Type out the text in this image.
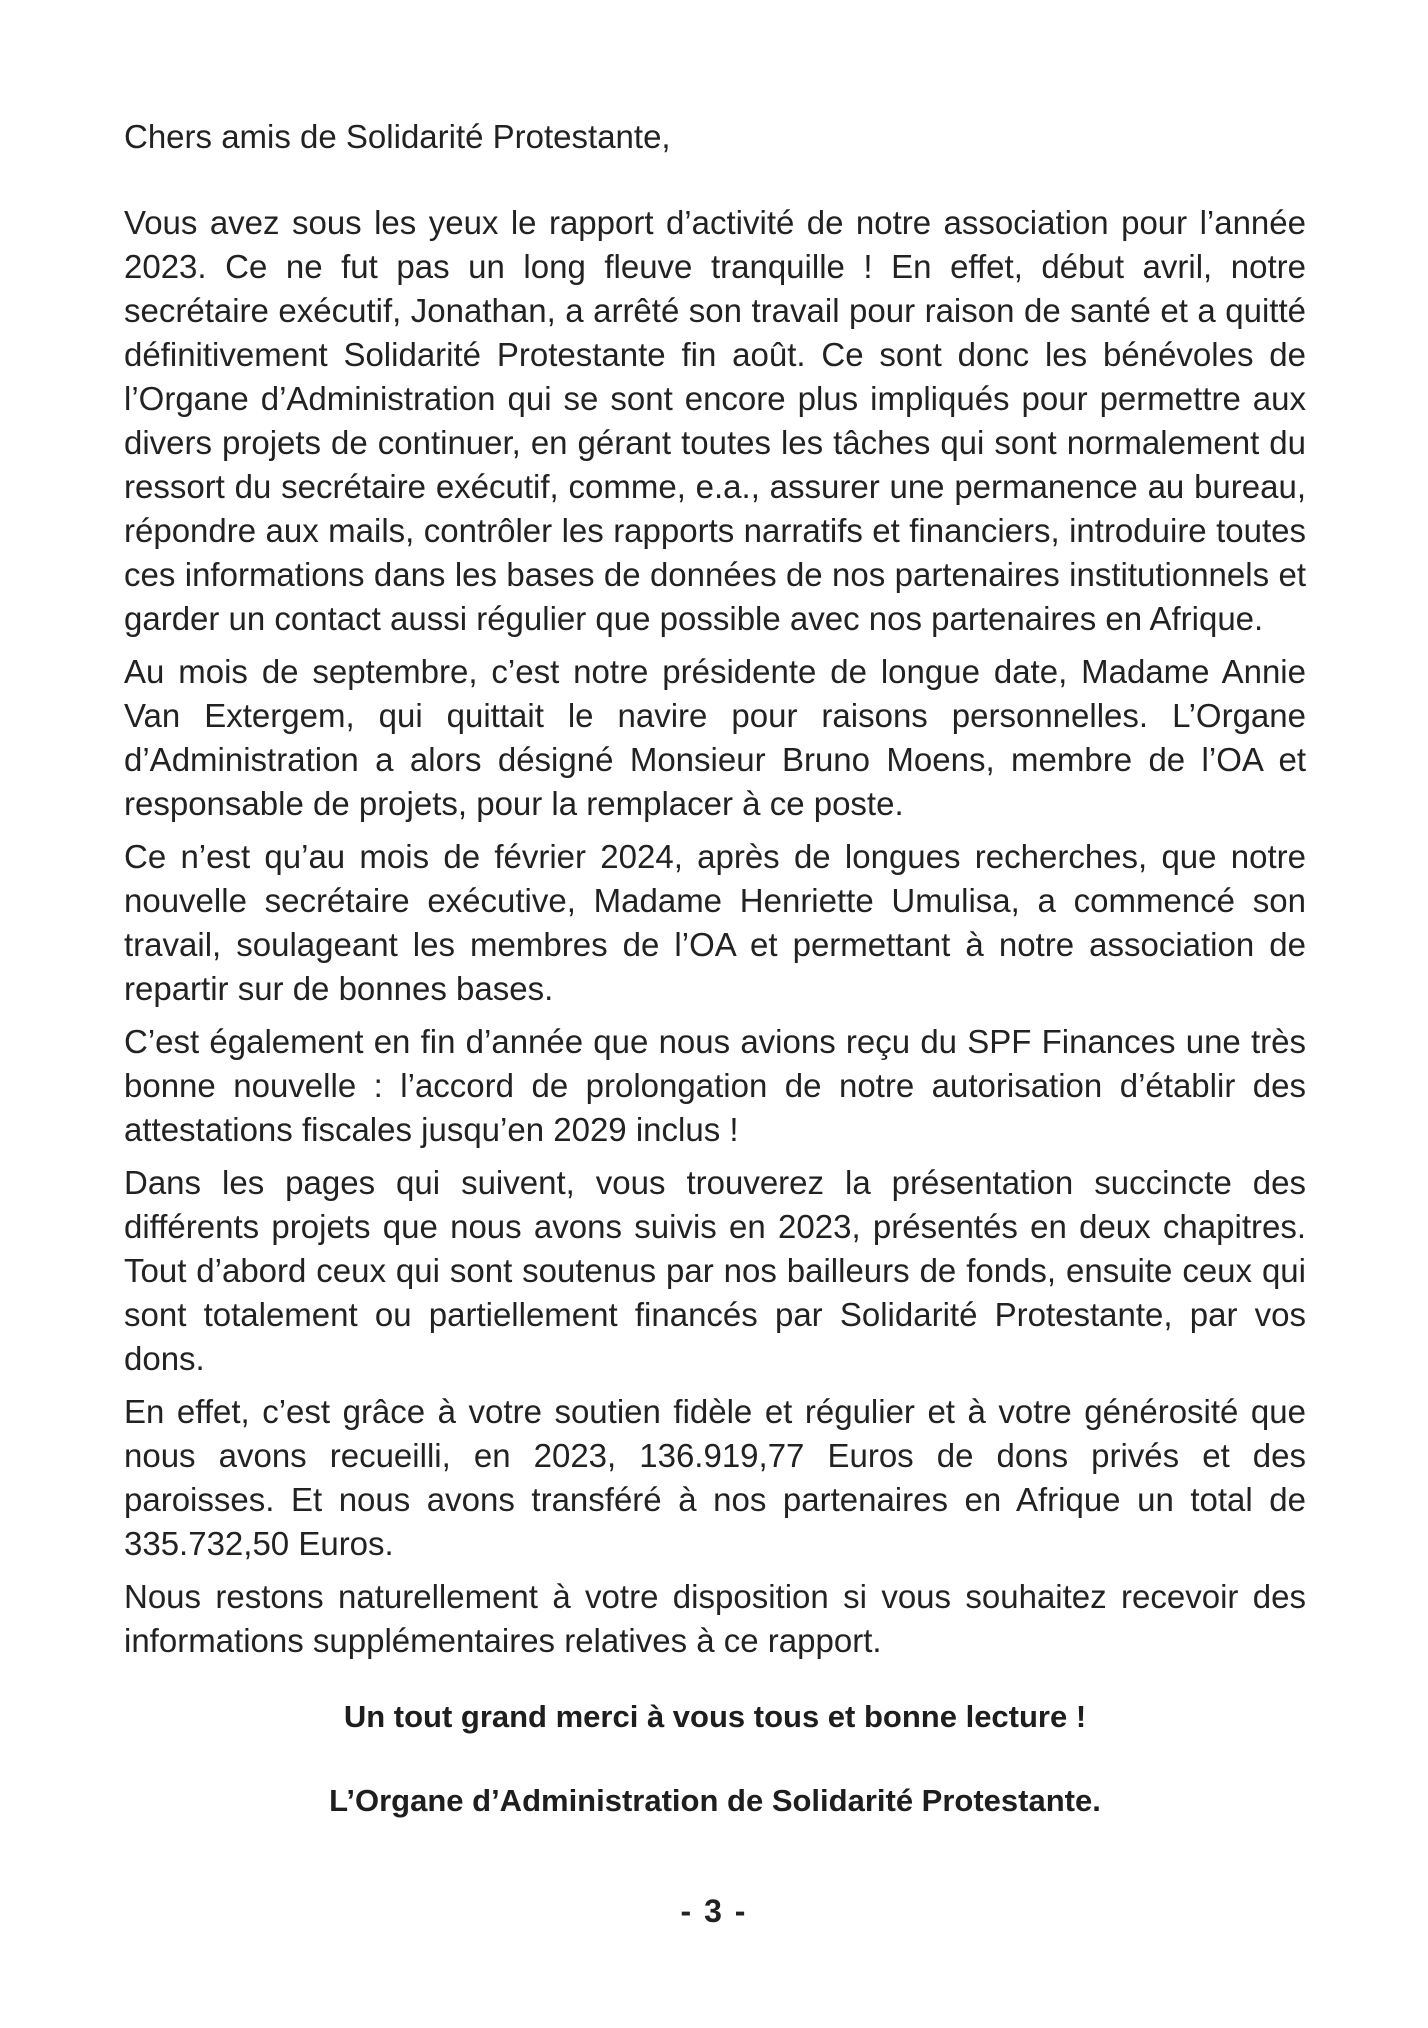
Chers amis de Solidarité Protestante,

Vous avez sous les yeux le rapport d’activité de notre association pour l’année 2023. Ce ne fut pas un long fleuve tranquille ! En effet, début avril, notre secrétaire exécutif, Jonathan, a arrêté son travail pour raison de santé et a quitté définitivement Solidarité Protestante fin août. Ce sont donc les bénévoles de l’Organe d’Administration qui se sont encore plus impliqués pour permettre aux divers projets de continuer, en gérant toutes les tâches qui sont normalement du ressort du secrétaire exécutif, comme, e.a., assurer une permanence au bureau, répondre aux mails, contrôler les rapports narratifs et financiers, introduire toutes ces informations dans les bases de données de nos partenaires institutionnels et garder un contact aussi régulier que possible avec nos partenaires en Afrique.

Au mois de septembre, c’est notre présidente de longue date, Madame Annie Van Extergem, qui quittait le navire pour raisons personnelles. L’Organe d’Administration a alors désigné Monsieur Bruno Moens, membre de l’OA et responsable de projets, pour la remplacer à ce poste.

Ce n’est qu’au mois de février 2024, après de longues recherches, que notre nouvelle secrétaire exécutive, Madame Henriette Umulisa, a commencé son travail, soulageant les membres de l’OA et permettant à notre association de repartir sur de bonnes bases.

C’est également en fin d’année que nous avions reçu du SPF Finances une très bonne nouvelle : l’accord de prolongation de notre autorisation d’établir des attestations fiscales jusqu’en 2029 inclus !

Dans les pages qui suivent, vous trouverez la présentation succincte des différents projets que nous avons suivis en 2023, présentés en deux chapitres. Tout d’abord ceux qui sont soutenus par nos bailleurs de fonds, ensuite ceux qui sont totalement ou partiellement financés par Solidarité Protestante, par vos dons.

En effet, c’est grâce à votre soutien fidèle et régulier et à votre générosité que nous avons recueilli, en 2023, 136.919,77 Euros de dons privés et des paroisses. Et nous avons transféré à nos partenaires en Afrique un total de 335.732,50 Euros.

Nous restons naturellement à votre disposition si vous souhaitez recevoir des informations supplémentaires relatives à ce rapport.

Un tout grand merci à vous tous et bonne lecture !
L’Organe d’Administration de Solidarité Protestante.
- 3 -
